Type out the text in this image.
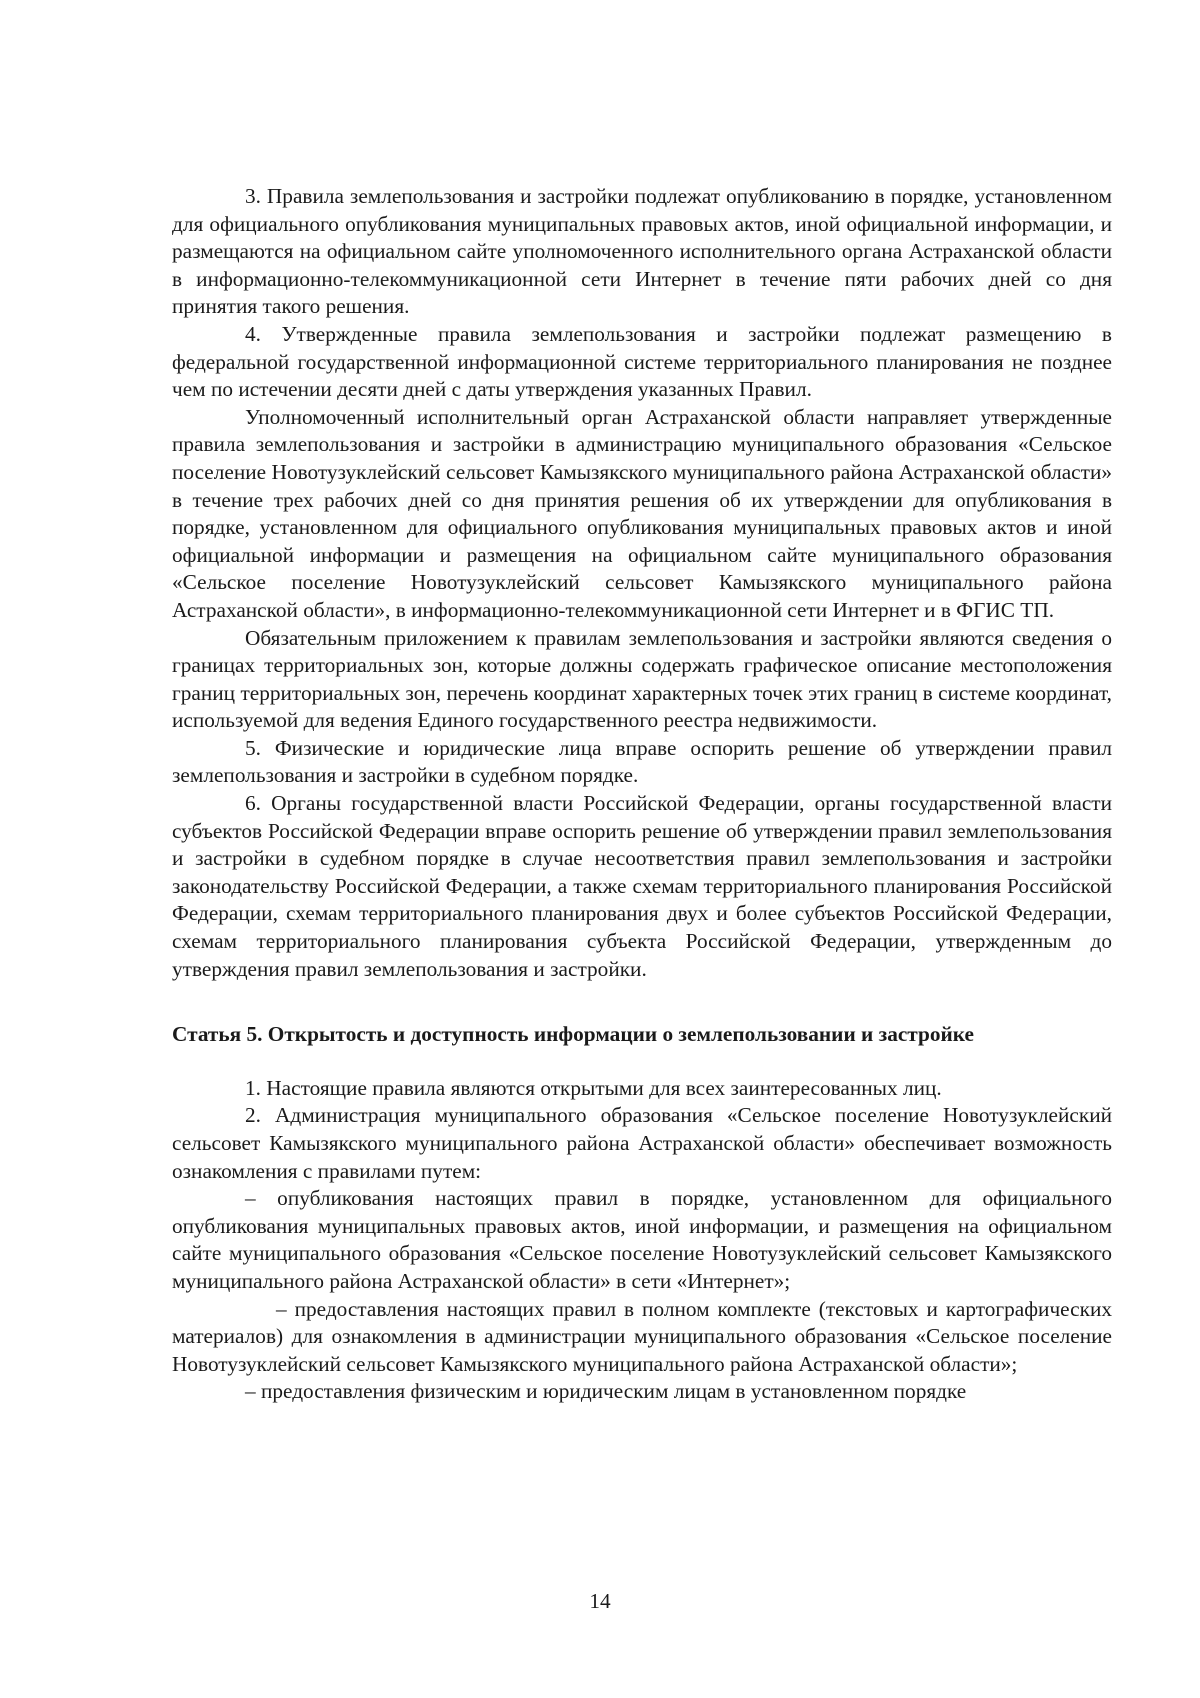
3. Правила землепользования и застройки подлежат опубликованию в порядке, установленном для официального опубликования муниципальных правовых актов, иной официальной информации, и размещаются на официальном сайте уполномоченного исполнительного органа Астраханской области в информационно-телекоммуникационной сети Интернет в течение пяти рабочих дней со дня принятия такого решения.

4. Утвержденные правила землепользования и застройки подлежат размещению в федеральной государственной информационной системе территориального планирования не позднее чем по истечении десяти дней с даты утверждения указанных Правил.

Уполномоченный исполнительный орган Астраханской области направляет утвержденные правила землепользования и застройки в администрацию муниципального образования «Сельское поселение Новотузуклейский сельсовет Камызякского муниципального района Астраханской области» в течение трех рабочих дней со дня принятия решения об их утверждении для опубликования в порядке, установленном для официального опубликования муниципальных правовых актов и иной официальной информации и размещения на официальном сайте муниципального образования «Сельское поселение Новотузуклейский сельсовет Камызякского муниципального района Астраханской области», в информационно-телекоммуникационной сети Интернет и в ФГИС ТП.

Обязательным приложением к правилам землепользования и застройки являются сведения о границах территориальных зон, которые должны содержать графическое описание местоположения границ территориальных зон, перечень координат характерных точек этих границ в системе координат, используемой для ведения Единого государственного реестра недвижимости.

5. Физические и юридические лица вправе оспорить решение об утверждении правил землепользования и застройки в судебном порядке.

6. Органы государственной власти Российской Федерации, органы государственной власти субъектов Российской Федерации вправе оспорить решение об утверждении правил землепользования и застройки в судебном порядке в случае несоответствия правил землепользования и застройки законодательству Российской Федерации, а также схемам территориального планирования Российской Федерации, схемам территориального планирования двух и более субъектов Российской Федерации, схемам территориального планирования субъекта Российской Федерации, утвержденным до утверждения правил землепользования и застройки.

Статья 5. Открытость и доступность информации о землепользовании и застройке

1. Настоящие правила являются открытыми для всех заинтересованных лиц.

2. Администрация муниципального образования «Сельское поселение Новотузуклейский сельсовет Камызякского муниципального района Астраханской области» обеспечивает возможность ознакомления с правилами путем:

– опубликования настоящих правил в порядке, установленном для официального опубликования муниципальных правовых актов, иной информации, и размещения на официальном сайте муниципального образования «Сельское поселение Новотузуклейский сельсовет Камызякского муниципального района Астраханской области» в сети «Интернет»;

– предоставления настоящих правил в полном комплекте (текстовых и картографических материалов) для ознакомления в администрации муниципального образования «Сельское поселение Новотузуклейский сельсовет Камызякского муниципального района Астраханской области»;

– предоставления физическим и юридическим лицам в установленном порядке

14
